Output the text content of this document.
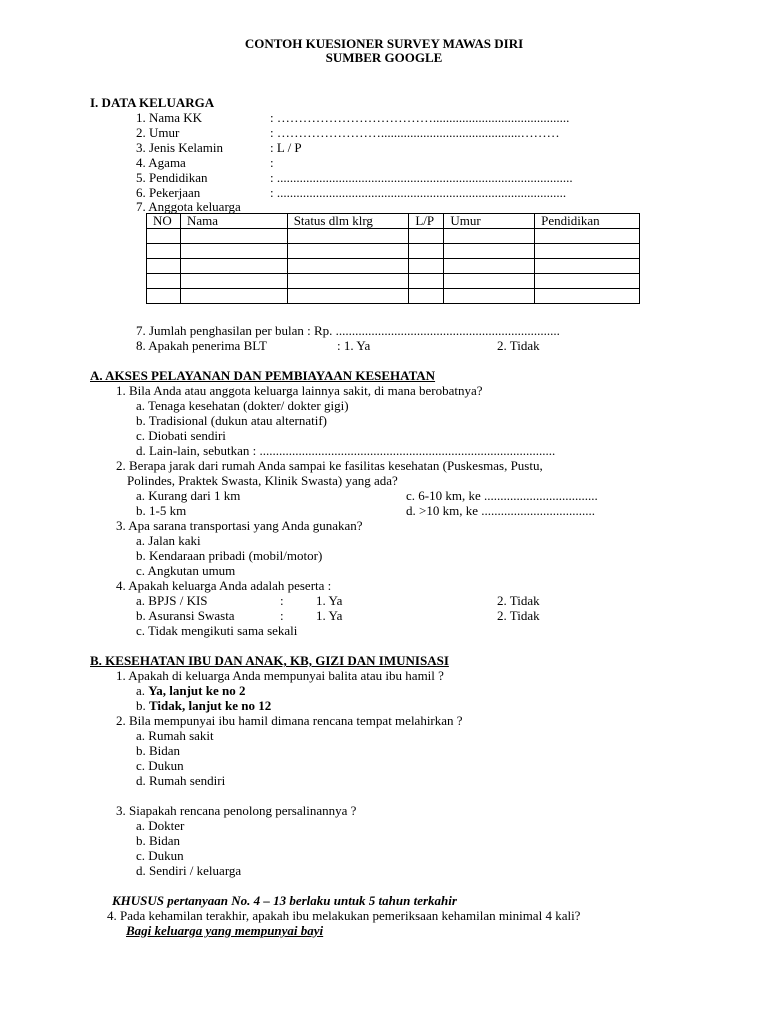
CONTOH KUESIONER SURVEY MAWAS DIRI
SUMBER GOOGLE
I. DATA KELUARGA
1. Nama KK	: ………………………………..........................................
2. Umur	: ……………………...........................................………
3. Jenis Kelamin	: L / P
4. Agama	:
5. Pendidikan	: ...........................................................................................
6. Pekerjaan	: .........................................................................................
7. Anggota keluarga
NO	Nama	Status dlm klrg	L/P	Umur	Pendidikan

7. Jumlah penghasilan per bulan : Rp. .....................................................................
8. Apakah penerima BLT	: 1. Ya	2. Tidak
A. AKSES PELAYANAN DAN PEMBIAYAAN KESEHATAN
1. Bila Anda atau anggota keluarga lainnya sakit, di mana berobatnya?
a. Tenaga kesehatan (dokter/ dokter gigi)
b. Tradisional (dukun atau alternatif)
c. Diobati sendiri
d. Lain-lain, sebutkan : ...........................................................................................
2. Berapa jarak dari rumah Anda sampai ke fasilitas kesehatan (Puskesmas, Pustu,
Polindes, Praktek Swasta, Klinik Swasta) yang ada?
a. Kurang dari 1 km	c. 6-10 km, ke ...................................
b. 1-5 km	d. >10 km, ke ...................................
3. Apa sarana transportasi yang Anda gunakan?
a. Jalan kaki
b. Kendaraan pribadi (mobil/motor)
c. Angkutan umum
4. Apakah keluarga Anda adalah peserta :
a. BPJS / KIS	: 1. Ya	2. Tidak
b. Asuransi Swasta	: 1. Ya	2. Tidak
c. Tidak mengikuti sama sekali
B. KESEHATAN IBU DAN ANAK, KB, GIZI DAN IMUNISASI
1. Apakah di keluarga Anda mempunyai balita atau ibu hamil ?
a. Ya, lanjut ke no 2
b. Tidak, lanjut ke no 12
2. Bila mempunyai ibu hamil dimana rencana tempat melahirkan ?
a. Rumah sakit
b. Bidan
c. Dukun
d. Rumah sendiri
3. Siapakah rencana penolong persalinannya ?
a. Dokter
b. Bidan
c. Dukun
d. Sendiri / keluarga
KHUSUS pertanyaan No. 4 – 13 berlaku untuk 5 tahun terkahir
4. Pada kehamilan terakhir, apakah ibu melakukan pemeriksaan kehamilan minimal 4 kali?
Bagi keluarga yang mempunyai bayi
